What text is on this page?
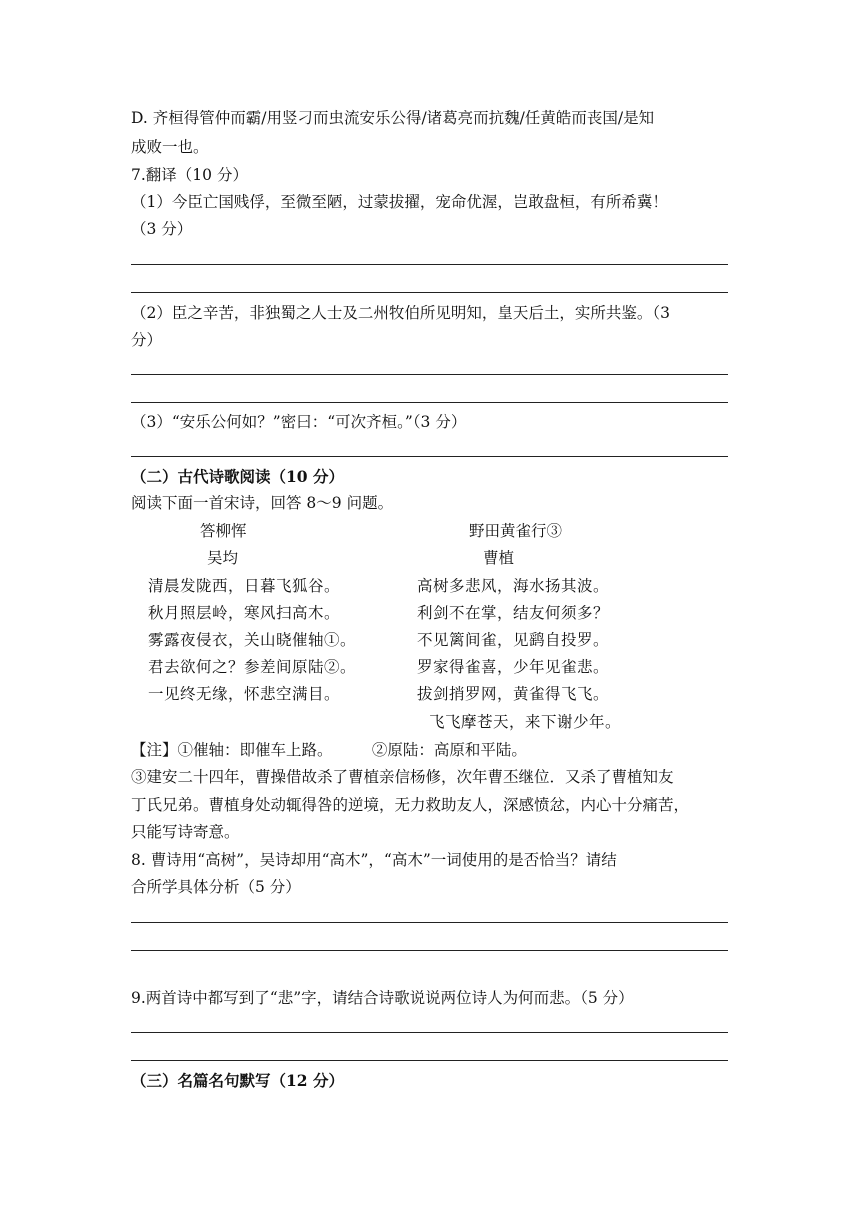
D. 齐桓得管仲而霸/用竖刁而虫流安乐公得/诸葛亮而抗魏/任黄皓而丧国/是知
成败一也。
7.翻译（10 分）
（1）今臣亡国贱俘，至微至陋，过蒙拔擢，宠命优渥，岂敢盘桓，有所希冀！
（3 分）
（2）臣之辛苦，非独蜀之人士及二州牧伯所见明知，皇天后土，实所共鉴。（3
分）
（3）“安乐公何如？”密曰：“可次齐桓。”（3 分）
（二）古代诗歌阅读（10 分）
阅读下面一首宋诗，回答 8～9 问题。
答柳恽
吴均
野田黄雀行③
曹植
清晨发陇西，日暮飞狐谷。
秋月照层岭，寒风扫高木。
雾露夜侵衣，关山晓催轴①。
君去欲何之？参差间原陆②。
一见终无缘，怀悲空满目。
高树多悲风，海水扬其波。
利剑不在掌，结友何须多？
不见篱间雀，见鹞自投罗。
罗家得雀喜，少年见雀悲。
拔剑捎罗网，黄雀得飞飞。
飞飞摩苍天，来下谢少年。
【注】①催轴：即催车上路。        ②原陆：高原和平陆。
③建安二十四年，曹操借故杀了曹植亲信杨修，次年曹丕继位．又杀了曹植知友
丁氏兄弟。曹植身处动辄得咎的逆境，无力救助友人，深感愤忿，内心十分痛苦，
只能写诗寄意。
8. 曹诗用“高树”，吴诗却用“高木”，“高木”一词使用的是否恰当？请结
合所学具体分析（5 分）
9.两首诗中都写到了“悲”字，请结合诗歌说说两位诗人为何而悲。（5 分）
（三）名篇名句默写（12 分）
